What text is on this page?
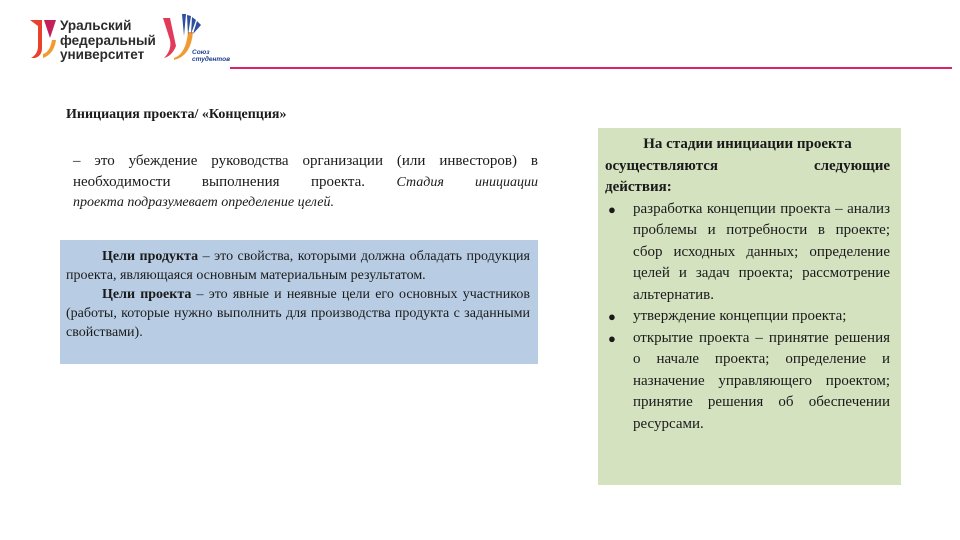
Уральский
федеральный
университет	Союз
студентов
Инициация проекта/ «Концепция»
– это убеждение руководства организации (или инвесторов) в необходимости выполнения проекта. Стадия инициации
проекта подразумевает определение целей.

Цели продукта – это свойства, которыми должна обладать продукция проекта, являющаяся основным материальным результатом.

Цели проекта – это явные и неявные цели его основных участников (работы, которые нужно выполнить для производства продукта с заданными свойствами).

На стадии инициации проекта
осуществляются следующие
действия:
● разработка концепции проекта – анализ проблемы и потребности в проекте; сбор исходных данных; определение целей и задач проекта; рассмотрение альтернатив.
● утверждение концепции проекта;
● открытие проекта – принятие решения о начале проекта; определение и назначение управляющего проектом; принятие решения об обеспечении ресурсами.
